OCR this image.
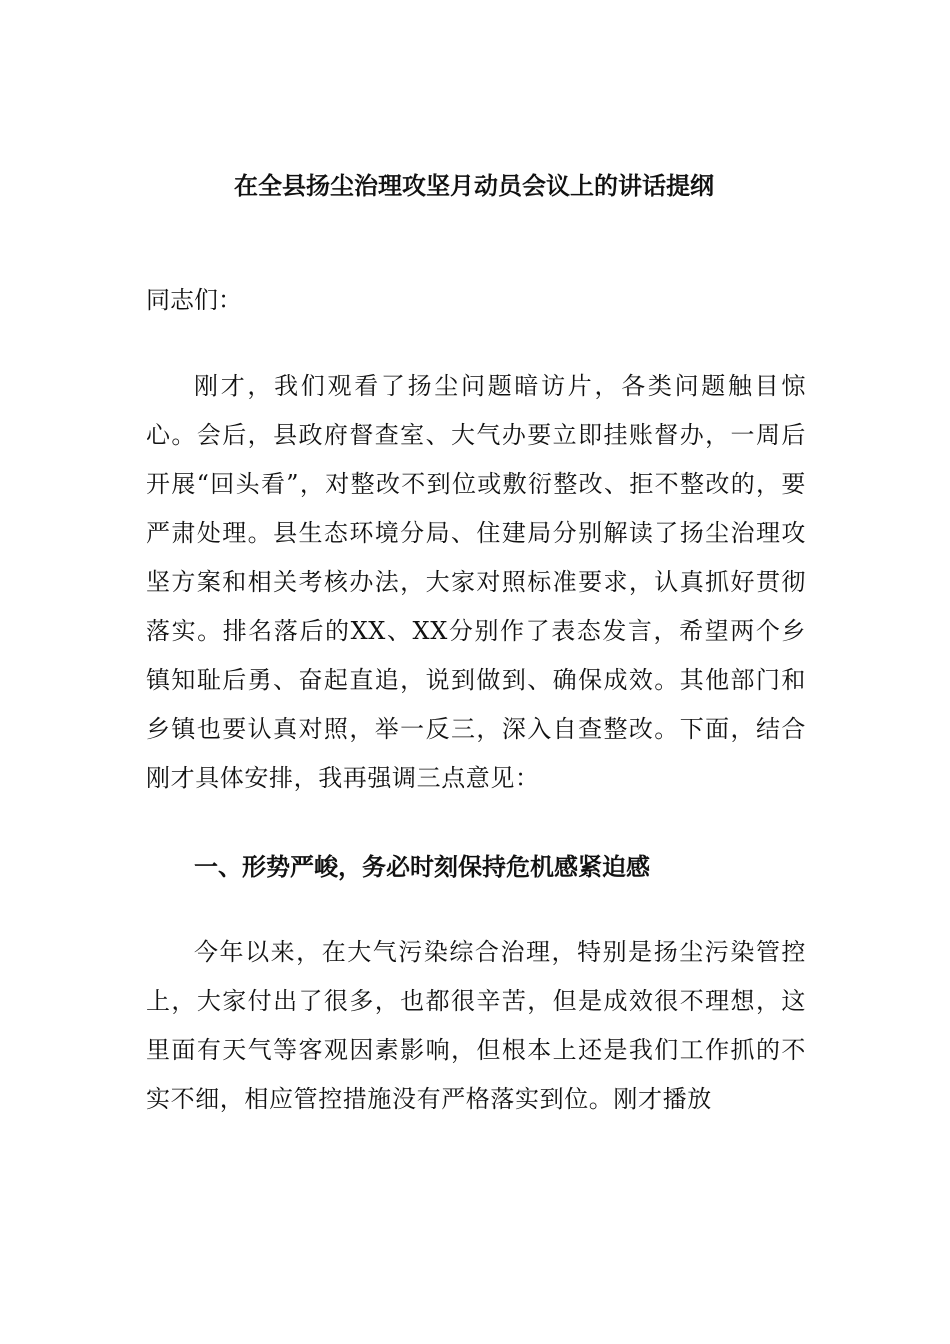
在全县扬尘治理攻坚月动员会议上的讲话提纲

同志们：

刚才，我们观看了扬尘问题暗访片，各类问题触目惊心。会后，县政府督查室、大气办要立即挂账督办，一周后开展“回头看”，对整改不到位或敷衍整改、拒不整改的，要严肃处理。县生态环境分局、住建局分别解读了扬尘治理攻坚方案和相关考核办法，大家对照标准要求，认真抓好贯彻落实。排名落后的XX、XX分别作了表态发言，希望两个乡镇知耻后勇、奋起直追，说到做到、确保成效。其他部门和乡镇也要认真对照，举一反三，深入自查整改。下面，结合刚才具体安排，我再强调三点意见：

一、形势严峻，务必时刻保持危机感紧迫感

今年以来，在大气污染综合治理，特别是扬尘污染管控上，大家付出了很多，也都很辛苦，但是成效很不理想，这里面有天气等客观因素影响，但根本上还是我们工作抓的不实不细，相应管控措施没有严格落实到位。刚才播放
